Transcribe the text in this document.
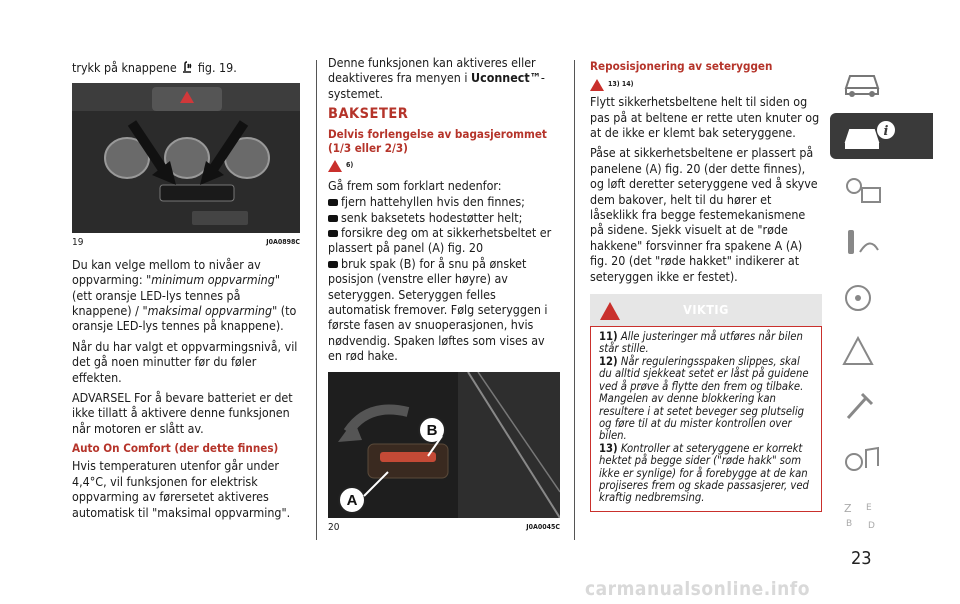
trykk på knappene fig. 19.

19	J0A0898C

Du kan velge mellom to nivåer av oppvarming: "minimum oppvarming" (ett oransje LED-lys tennes på knappene) / "maksimal oppvarming" (to oransje LED-lys tennes på knappene).

Når du har valgt et oppvarmingsnivå, vil det gå noen minutter før du føler effekten.

ADVARSEL For å bevare batteriet er det ikke tillatt å aktivere denne funksjonen når motoren er slått av.

Auto On Comfort (der dette finnes)

Hvis temperaturen utenfor går under 4,4°C, vil funksjonen for elektrisk oppvarming av førersetet aktiveres automatisk til "maksimal oppvarming".

Denne funksjonen kan aktiveres eller deaktiveres fra menyen i Uconnect™-systemet.

BAKSETER
Delvis forlengelse av bagasjerommet (1/3 eller 2/3)
6)

Gå frem som forklart nedenfor:

fjern hattehyllen hvis den finnes;
senk baksetets hodestøtter helt;
forsikre deg om at sikkerhetsbeltet er plassert på panel (A) fig. 20
bruk spak (B) for å snu på ønsket posisjon (venstre eller høyre) av seteryggen. Seteryggen felles automatisk fremover. Følg seteryggen i første fasen av snuoperasjonen, hvis nødvendig. Spaken løftes som vises av en rød hake.
B
A
20	J0A0045C
Reposisjonering av seteryggen
13) 14)

Flytt sikkerhetsbeltene helt til siden og pas på at beltene er rette uten knuter og at de ikke er klemt bak seteryggene.

Påse at sikkerhetsbeltene er plassert på panelene (A) fig. 20 (der dette finnes), og løft deretter seteryggene ved å skyve dem bakover, helt til du hører et låseklikk fra begge festemekanismene på sidene. Sjekk visuelt at de "røde hakkene" forsvinner fra spakene A (A) fig. 20 (det "røde hakket" indikerer at seteryggen ikke er festet).

VIKTIG
11) Alle justeringer må utføres når bilen står stille.
12) Når reguleringsspaken slippes, skal du alltid sjekkeat setet er låst på guidene ved å prøve å flytte den frem og tilbake. Mangelen av denne blokkering kan resultere i at setet beveger seg plutselig og føre til at du mister kontrollen over bilen.
13) Kontroller at seteryggene er korrekt hektet på begge sider ("røde hakk" som ikke er synlige) for å forebygge at de kan projiseres frem og skade passasjerer, ved kraftig nedbremsing.
i
Z E
B D
23
carmanualsonline.info
